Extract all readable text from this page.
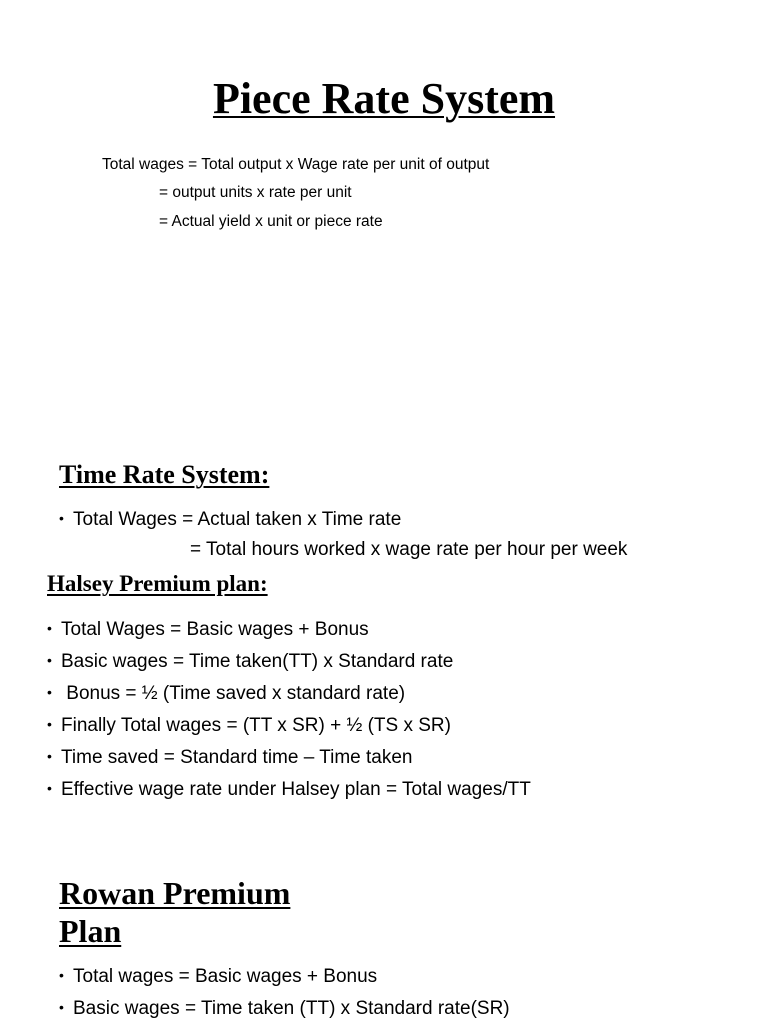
Piece Rate System
Total wages = Total output x Wage rate per unit of output
= output units x rate per unit
= Actual yield x unit or piece rate
Time Rate System:
• Total Wages = Actual taken x Time rate
= Total hours worked x wage rate per hour per week
Halsey Premium plan:
• Total Wages = Basic wages + Bonus
• Basic wages = Time taken(TT) x Standard rate
• Bonus = ½ (Time saved x standard rate)
• Finally Total wages = (TT x SR) + ½ (TS x SR)
• Time saved = Standard time – Time taken
• Effective wage rate under Halsey plan = Total wages/TT
Rowan Premium Plan
• Total wages = Basic wages + Bonus
• Basic wages = Time taken (TT) x Standard rate(SR)
